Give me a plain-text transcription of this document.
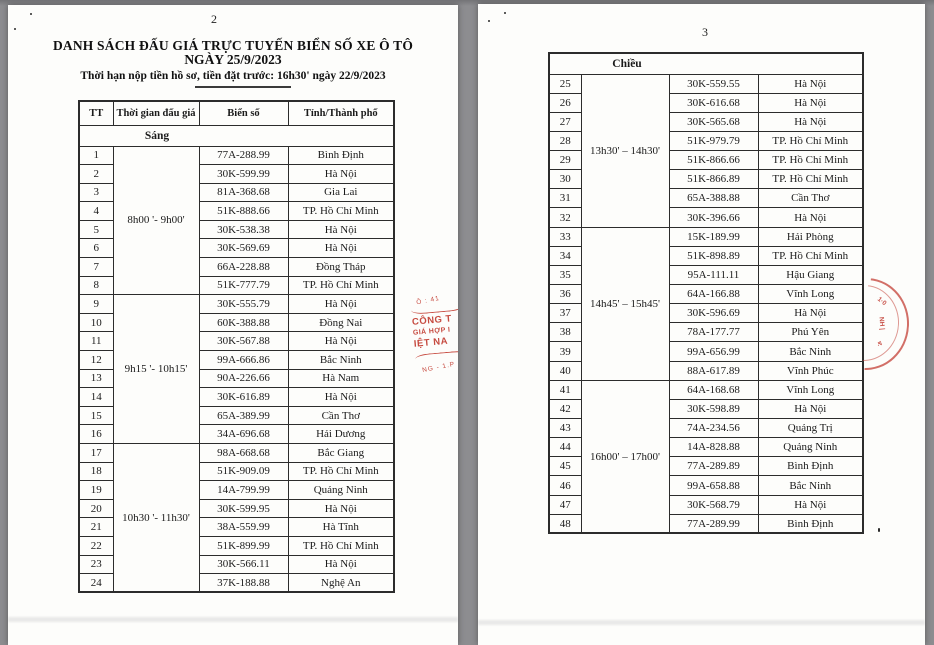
2
DANH SÁCH ĐẤU GIÁ TRỰC TUYẾN BIỂN SỐ XE Ô TÔ
NGÀY 25/9/2023
Thời hạn nộp tiền hồ sơ, tiền đặt trước: 16h30' ngày 22/9/2023
TT	Thời gian đấu giá	Biển số	Tỉnh/Thành phố
Sáng			
1	8h00 '- 9h00'	77A-288.99	Bình Định
2		30K-599.99	Hà Nội
3		81A-368.68	Gia Lai
4		51K-888.66	TP. Hồ Chí Minh
5		30K-538.38	Hà Nội
6		30K-569.69	Hà Nội
7		66A-228.88	Đồng Tháp
8		51K-777.79	TP. Hồ Chí Minh
9	9h15 '- 10h15'	30K-555.79	Hà Nội
10		60K-388.88	Đồng Nai
11		30K-567.88	Hà Nội
12		99A-666.86	Bắc Ninh
13		90A-226.66	Hà Nam
14		30K-616.89	Hà Nội
15		65A-389.99	Cần Thơ
16		34A-696.68	Hải Dương
17	10h30 '- 11h30'	98A-668.68	Bắc Giang
18		51K-909.09	TP. Hồ Chí Minh
19		14A-799.99	Quảng Ninh
20		30K-599.95	Hà Nội
21		38A-559.99	Hà Tĩnh
22		51K-899.99	TP. Hồ Chí Minh
23		30K-566.11	Hà Nội
24		37K-188.88	Nghệ An
Ô : 41
CÔNG T
GIÁ HỢP I
IỆT NA
NG - 1.P
3
Chiều			
25	13h30' – 14h30'	30K-559.55	Hà Nội
26		30K-616.68	Hà Nội
27		30K-565.68	Hà Nội
28		51K-979.79	TP. Hồ Chí Minh
29		51K-866.66	TP. Hồ Chí Minh
30		51K-866.89	TP. Hồ Chí Minh
31		65A-388.88	Cần Thơ
32		30K-396.66	Hà Nội
33	14h45' – 15h45'	15K-189.99	Hải Phòng
34		51K-898.89	TP. Hồ Chí Minh
35		95A-111.11	Hậu Giang
36		64A-166.88	Vĩnh Long
37		30K-596.69	Hà Nội
38		78A-177.77	Phú Yên
39		99A-656.99	Bắc Ninh
40		88A-617.89	Vĩnh Phúc
41	16h00' – 17h00'	64A-168.68	Vĩnh Long
42		30K-598.89	Hà Nội
43		74A-234.56	Quảng Trị
44		14A-828.88	Quảng Ninh
45		77A-289.89	Bình Định
46		99A-658.88	Bắc Ninh
47		30K-568.79	Hà Nội
48		77A-289.99	Bình Định
1·0
NH |
4·
